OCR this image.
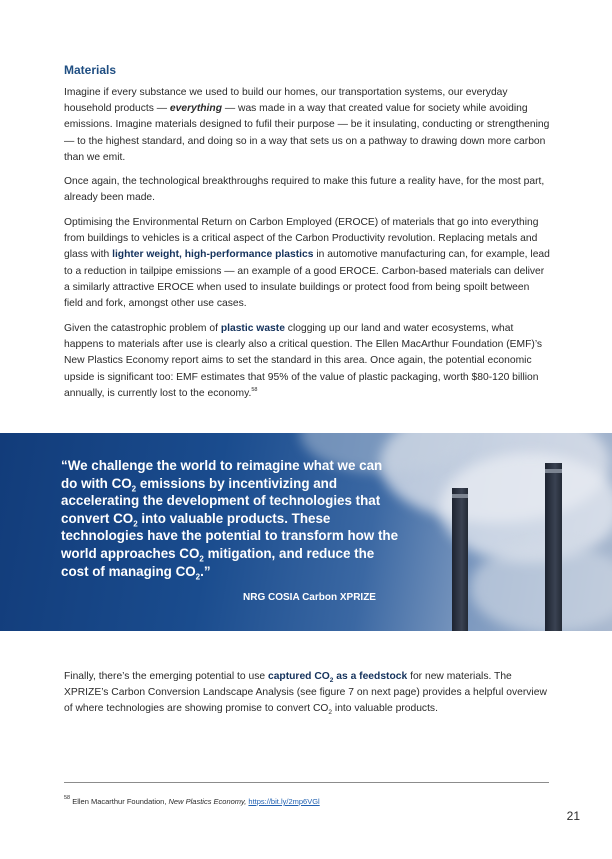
Materials

Imagine if every substance we used to build our homes, our transportation systems, our everyday household products — everything — was made in a way that created value for society while avoiding emissions. Imagine materials designed to fufil their purpose — be it insulating, conducting or strengthening — to the highest standard, and doing so in a way that sets us on a pathway to drawing down more carbon than we emit.

Once again, the technological breakthroughs required to make this future a reality have, for the most part, already been made.

Optimising the Environmental Return on Carbon Employed (EROCE) of materials that go into everything from buildings to vehicles is a critical aspect of the Carbon Productivity revolution. Replacing metals and glass with lighter weight, high-performance plastics in automotive manufacturing can, for example, lead to a reduction in tailpipe emissions — an example of a good EROCE. Carbon-based materials can deliver a similarly attractive EROCE when used to insulate buildings or protect food from being spoilt between field and fork, amongst other use cases.

Given the catastrophic problem of plastic waste clogging up our land and water ecosystems, what happens to materials after use is clearly also a critical question. The Ellen MacArthur Foundation (EMF)’s New Plastics Economy report aims to set the standard in this area. Once again, the potential economic upside is significant too: EMF estimates that 95% of the value of plastic packaging, worth $80-120 billion annually, is currently lost to the economy.$^{58}$

“We challenge the world to reimagine what we can do with $CO_2$ emissions by incentivizing and accelerating the development of technologies that convert $CO_2$ into valuable products. These technologies have the potential to transform how the world approaches $CO_2$ mitigation, and reduce the cost of managing $CO_2$.”

NRG COSIA Carbon XPRIZE

Finally, there’s the emerging potential to use captured $CO_2$ as a feedstock for new materials. The XPRIZE’s Carbon Conversion Landscape Analysis (see figure 7 on next page) provides a helpful overview of where technologies are showing promise to convert $CO_2$ into valuable products.

$^{58}$ Ellen Macarthur Foundation, New Plastics Economy, https://bit.ly/2mp6VGl

21
